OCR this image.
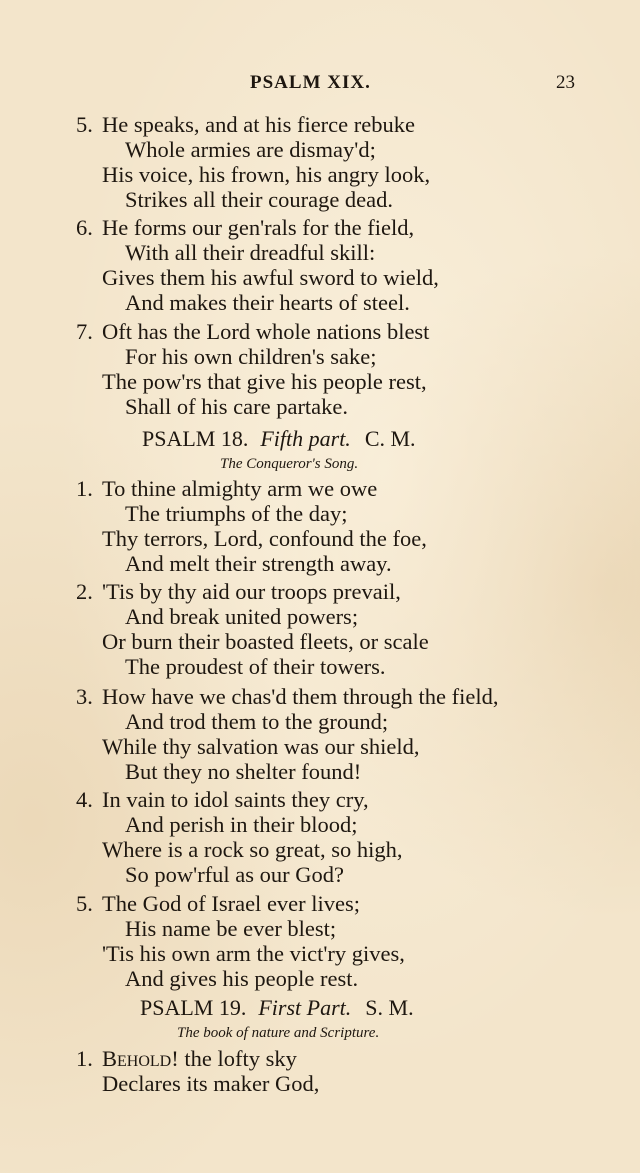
PSALM XIX.	23
5. He speaks, and at his fierce rebuke
Whole armies are dismay'd;
His voice, his frown, his angry look,
Strikes all their courage dead.
6. He forms our gen'rals for the field,
With all their dreadful skill:
Gives them his awful sword to wield,
And makes their hearts of steel.
7. Oft has the Lord whole nations blest
For his own children's sake;
The pow'rs that give his people rest,
Shall of his care partake.
PSALM 18. Fifth part. C. M.
The Conqueror's Song.
1. To thine almighty arm we owe
The triumphs of the day;
Thy terrors, Lord, confound the foe,
And melt their strength away.
2. 'Tis by thy aid our troops prevail,
And break united powers;
Or burn their boasted fleets, or scale
The proudest of their towers.
3. How have we chas'd them through the field,
And trod them to the ground;
While thy salvation was our shield,
But they no shelter found!
4. In vain to idol saints they cry,
And perish in their blood;
Where is a rock so great, so high,
So pow'rful as our God?
5. The God of Israel ever lives;
His name be ever blest;
'Tis his own arm the vict'ry gives,
And gives his people rest.
PSALM 19. First Part. S. M.
The book of nature and Scripture.
1. Behold! the lofty sky
Declares its maker God,
